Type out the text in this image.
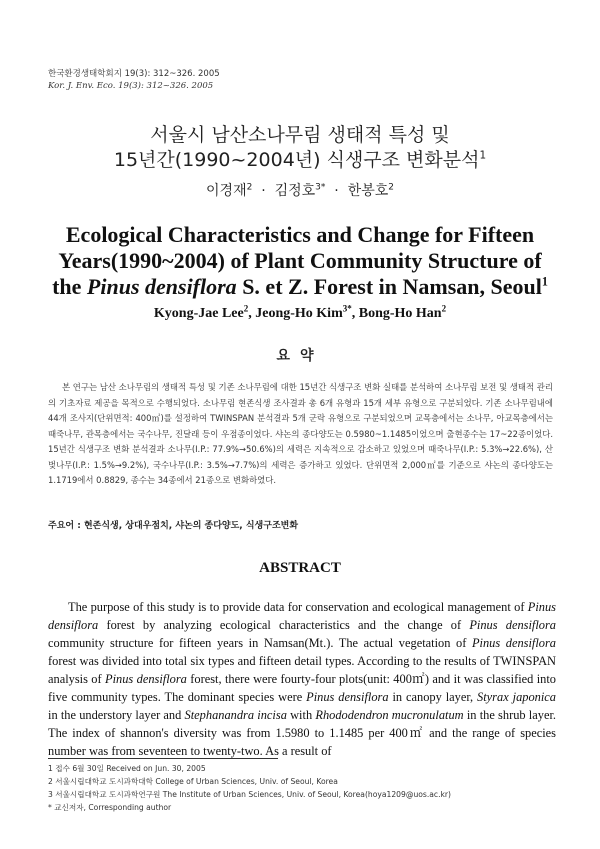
한국환경생태학회지 19(3): 312~326. 2005
Kor. J. Env. Eco. 19(3): 312~326. 2005
서울시 남산소나무림 생태적 특성 및
15년간(1990~2004년) 식생구조 변화분석$^1$
이경재$^2$  ·  김정호$^{3*}$  ·  한봉호$^2$
Ecological Characteristics and Change for Fifteen
Years(1990~2004) of Plant Community Structure of
the Pinus densiflora S. et Z. Forest in Namsan, Seoul$^1$
Kyong-Jae Lee$^2$, Jeong-Ho Kim$^{3*}$, Bong-Ho Han$^2$
요약
본 연구는 남산 소나무림의 생태적 특성 및 기존 소나무림에 대한 15년간 식생구조 변화 실태를 분석하여 소나무림 보전 및 생태적 관리의 기초자료 제공을 목적으로 수행되었다. 소나무림 현존식생 조사결과 총 6개 유형과 15개 세부 유형으로 구분되었다. 기존 소나무림내에 44개 조사지(단위면적: 400㎡)를 설정하여 TWINSPAN 분석결과 5개 군락 유형으로 구분되었으며 교목층에서는 소나무, 아교목층에서는 때죽나무, 관목층에서는 국수나무, 진달래 등이 우점종이었다. 샤논의 종다양도는 0.5980~1.1485이었으며 출현종수는 17~22종이었다. 15년간 식생구조 변화 분석결과 소나무(I.P.: 77.9%→50.6%)의 세력은 지속적으로 감소하고 있었으며 때죽나무(I.P.: 5.3%→22.6%), 산벚나무(I.P.: 1.5%→9.2%), 국수나무(I.P.: 3.5%→7.7%)의 세력은 증가하고 있었다. 단위면적 2,000㎡를 기준으로 샤논의 종다양도는 1.1719에서 0.8829, 종수는 34종에서 21종으로 변화하였다.
주요어 : 현존식생, 상대우점치, 샤논의 종다양도, 식생구조변화
ABSTRACT
The purpose of this study is to provide data for conservation and ecological management of Pinus densiflora forest by analyzing ecological characteristics and the change of Pinus densiflora community structure for fifteen years in Namsan(Mt.). The actual vegetation of Pinus densiflora forest was divided into total six types and fifteen detail types. According to the results of TWINSPAN analysis of Pinus densiflora forest, there were fourty-four plots(unit: 400㎡) and it was classified into five community types. The dominant species were Pinus densiflora in canopy layer, Styrax japonica in the understory layer and Stephanandra incisa with Rhododendron mucronulatum in the shrub layer. The index of shannon's diversity was from 1.5980 to 1.1485 per 400㎡ and the range of species number was from seventeen to twenty-two. As a result of
1 접수 6월 30일 Received on Jun. 30, 2005
2 서울시립대학교 도시과학대학 College of Urban Sciences, Univ. of Seoul, Korea
3 서울시립대학교 도시과학연구원 The Institute of Urban Sciences, Univ. of Seoul, Korea(hoya1209@uos.ac.kr)
* 교신저자, Corresponding author
